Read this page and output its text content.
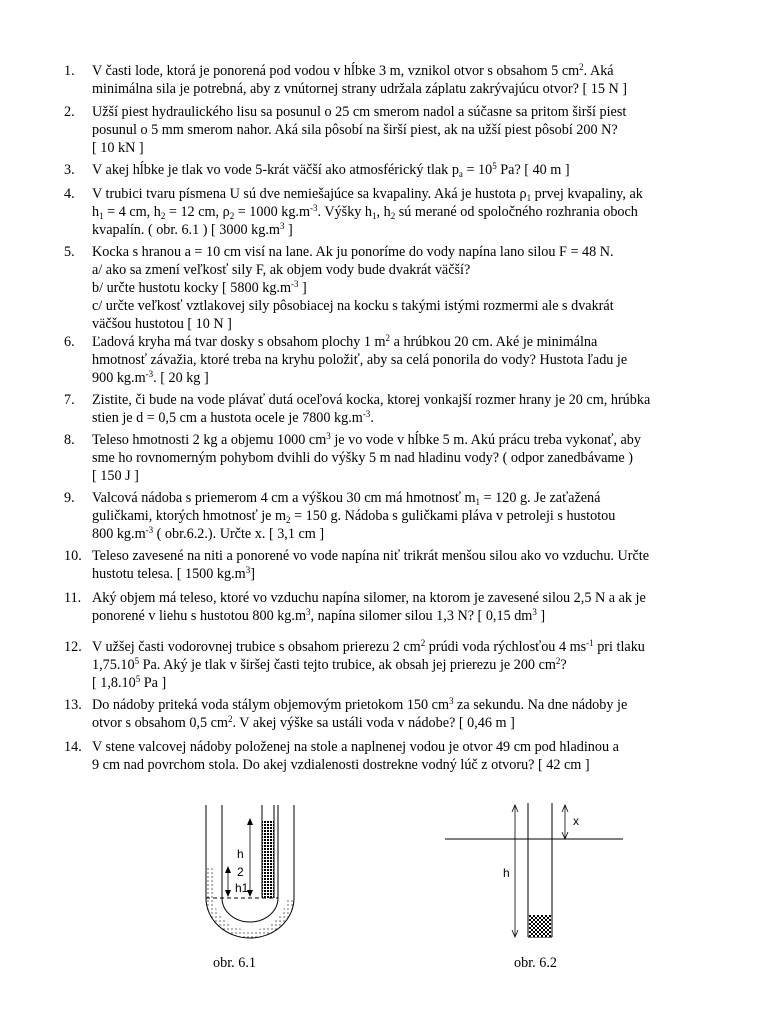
1.	V časti lode, ktorá je ponorená pod vodou v hĺbke 3 m, vznikol otvor s obsahom 5 $cm^2$. Aká
minimálna sila je potrebná, aby z vnútornej strany udržala záplatu zakrývajúcu otvor? [ 15 N ]
2.	Užší piest hydraulického lisu sa posunul o 25 cm smerom nadol a súčasne sa pritom širší piest
posunul o 5 mm smerom nahor. Aká sila pôsobí na širší piest, ak na užší piest pôsobí 200 N?
[ 10 kN ]
3.	V akej hĺbke je tlak vo vode 5-krát väčší ako atmosférický tlak $p_a = 10^5$ Pa? [ 40 m ]
4.	V trubici tvaru písmena U sú dve nemiešajúce sa kvapaliny. Aká je hustota $\rho_1$ prvej kvapaliny, ak
$h_1 = 4$ cm, $h_2 = 12$ cm, $\rho_2 = 1000$ $kg.m^{-3}$. Výšky $h_1$, $h_2$ sú merané od spoločného rozhrania oboch
kvapalín. ( obr. 6.1 ) [ 3000 $kg.m^3$ ]
5.	Kocka s hranou a = 10 cm visí na lane. Ak ju ponoríme do vody napína lano silou F = 48 N.
a/ ako sa zmení veľkosť sily F, ak objem vody bude dvakrát väčší?
b/ určte hustotu kocky [ 5800 $kg.m^{-3}$ ]
c/ určte veľkosť vztlakovej sily pôsobiacej na kocku s takými istými rozmermi ale s dvakrát
väčšou hustotou [ 10 N ]
6.	Ľadová kryha má tvar dosky s obsahom plochy 1 $m^2$ a hrúbkou 20 cm. Aké je minimálna
hmotnosť závažia, ktoré treba na kryhu položiť, aby sa celá ponorila do vody? Hustota ľadu je
900 $kg.m^{-3}$. [ 20 kg ]
7.	Zistite, či bude na vode plávať dutá oceľová kocka, ktorej vonkajší rozmer hrany je 20 cm, hrúbka
stien je d = 0,5 cm a hustota ocele je 7800 $kg.m^{-3}$.
8.	Teleso hmotnosti 2 kg a objemu 1000 $cm^3$ je vo vode v hĺbke 5 m. Akú prácu treba vykonať, aby
sme ho rovnomerným pohybom dvihli do výšky 5 m nad hladinu vody? ( odpor zanedbávame )
[ 150 J ]
9.	Valcová nádoba s priemerom 4 cm a výškou 30 cm má hmotnosť $m_1 = 120$ g. Je zaťažená
guličkami, ktorých hmotnosť je $m_2 = 150$ g. Nádoba s guličkami pláva v petroleji s hustotou
800 $kg.m^{-3}$ ( obr.6.2.). Určte x. [ 3,1 cm ]
10. Teleso zavesené na niti a ponorené vo vode napína niť trikrát menšou silou ako vo vzduchu. Určte
hustotu telesa. [ 1500 $kg.m^3$]
11. Aký objem má teleso, ktoré vo vzduchu napína silomer, na ktorom je zavesené silou 2,5 N a ak je
ponorené v liehu s hustotou 800 $kg.m^3$, napína silomer silou 1,3 N? [ 0,15 $dm^3$ ]
12. V užšej časti vodorovnej trubice s obsahom prierezu 2 $cm^2$ prúdi voda rýchlosťou 4 $ms^{-1}$ pri tlaku
1,75.10$^5$ Pa. Aký je tlak v širšej časti tejto trubice, ak obsah jej prierezu je 200 $cm^2$?
[ 1,8.10$^5$ Pa ]
13. Do nádoby priteká voda stálym objemovým prietokom 150 $cm^3$ za sekundu. Na dne nádoby je
otvor s obsahom 0,5 $cm^2$. V akej výške sa ustáli voda v nádobe? [ 0,46 m ]
14. V stene valcovej nádoby položenej na stole a naplnenej vodou je otvor 49 cm pod hladinou a
9 cm nad povrchom stola. Do akej vzdialenosti dostrekne vodný lúč z otvoru? [ 42 cm ]
h
2
h1
obr. 6.1
h
x
obr. 6.2
